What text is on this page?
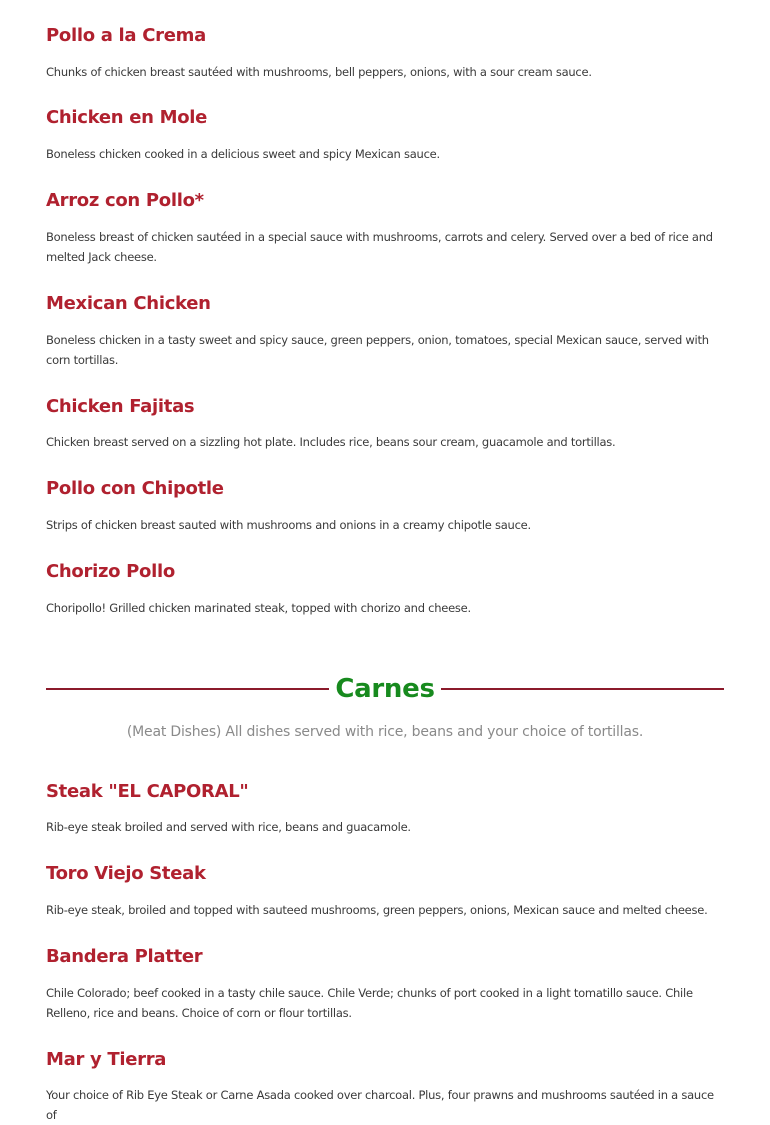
Pollo a la Crema

Chunks of chicken breast sautéed with mushrooms, bell peppers, onions, with a sour cream sauce.

Chicken en Mole

Boneless chicken cooked in a delicious sweet and spicy Mexican sauce.

Arroz con Pollo*

Boneless breast of chicken sautéed in a special sauce with mushrooms, carrots and celery. Served over a bed of rice and melted Jack cheese.

Mexican Chicken

Boneless chicken in a tasty sweet and spicy sauce, green peppers, onion, tomatoes, special Mexican sauce, served with corn tortillas.

Chicken Fajitas

Chicken breast served on a sizzling hot plate. Includes rice, beans sour cream, guacamole and tortillas.

Pollo con Chipotle

Strips of chicken breast sauted with mushrooms and onions in a creamy chipotle sauce.

Chorizo Pollo

Choripollo! Grilled chicken marinated steak, topped with chorizo and cheese.

Carnes
(Meat Dishes) All dishes served with rice, beans and your choice of tortillas.
Steak "EL CAPORAL"

Rib-eye steak broiled and served with rice, beans and guacamole.

Toro Viejo Steak

Rib-eye steak, broiled and topped with sauteed mushrooms, green peppers, onions, Mexican sauce and melted cheese.

Bandera Platter

Chile Colorado; beef cooked in a tasty chile sauce. Chile Verde; chunks of port cooked in a light tomatillo sauce. Chile Relleno, rice and beans. Choice of corn or flour tortillas.

Mar y Tierra

Your choice of Rib Eye Steak or Carne Asada cooked over charcoal. Plus, four prawns and mushrooms sautéed in a sauce of
